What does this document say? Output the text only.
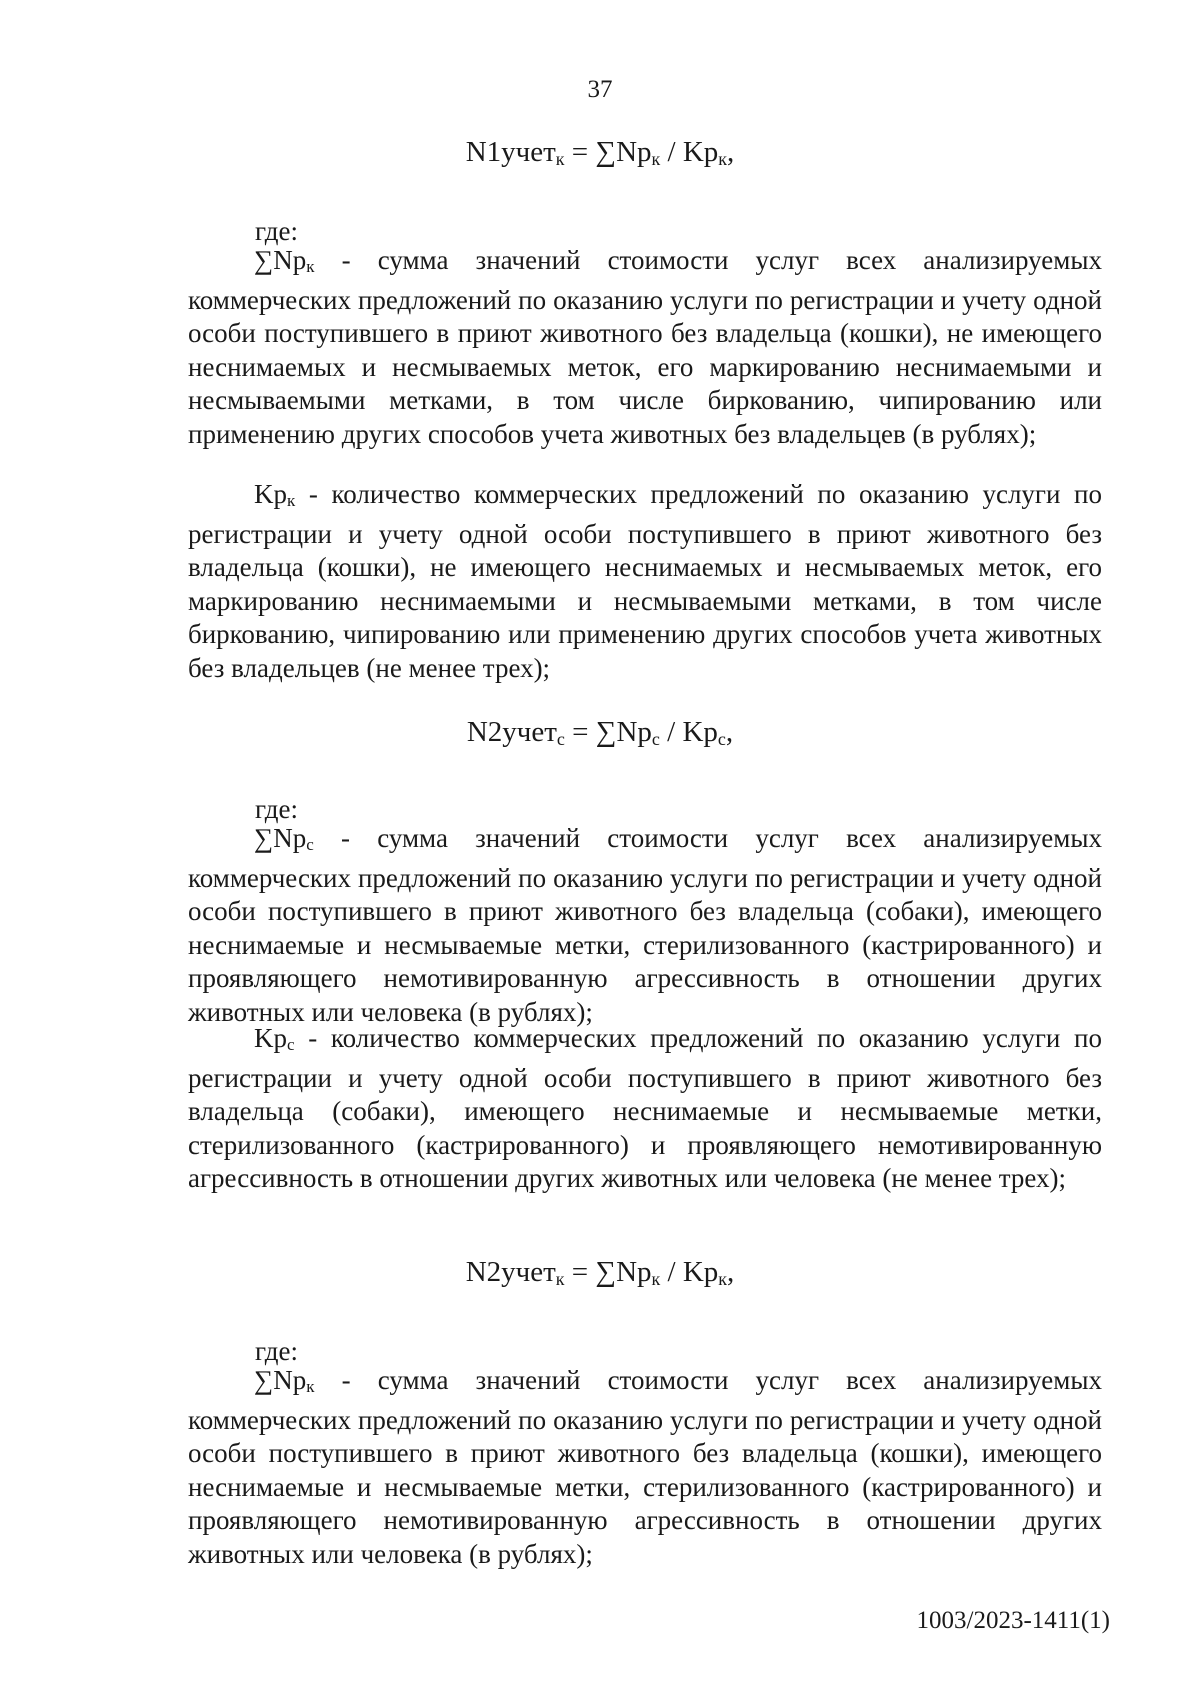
37
N1учет$_к$ = $\sum Np_к / Kp_к$,
где:
$\sum Np_к$ - сумма значений стоимости услуг всех анализируемых коммерческих предложений по оказанию услуги по регистрации и учету одной особи поступившего в приют животного без владельца (кошки), не имеющего неснимаемых и несмываемых меток, его маркированию неснимаемыми и несмываемыми метками, в том числе биркованию, чипированию или применению других способов учета животных без владельцев (в рублях);
$Kp_к$ - количество коммерческих предложений по оказанию услуги по регистрации и учету одной особи поступившего в приют животного без владельца (кошки), не имеющего неснимаемых и несмываемых меток, его маркированию неснимаемыми и несмываемыми метками, в том числе биркованию, чипированию или применению других способов учета животных без владельцев (не менее трех);
N2учет$_с$ = $\sum Np_с / Kp_с$,
где:
$\sum Np_с$ - сумма значений стоимости услуг всех анализируемых коммерческих предложений по оказанию услуги по регистрации и учету одной особи поступившего в приют животного без владельца (собаки), имеющего неснимаемые и несмываемые метки, стерилизованного (кастрированного) и проявляющего немотивированную агрессивность в отношении других животных или человека (в рублях);
$Kp_с$ - количество коммерческих предложений по оказанию услуги по регистрации и учету одной особи поступившего в приют животного без владельца (собаки), имеющего неснимаемые и несмываемые метки, стерилизованного (кастрированного) и проявляющего немотивированную агрессивность в отношении других животных или человека (не менее трех);
N2учет$_к$ = $\sum Np_к / Kp_к$,
где:
$\sum Np_к$ - сумма значений стоимости услуг всех анализируемых коммерческих предложений по оказанию услуги по регистрации и учету одной особи поступившего в приют животного без владельца (кошки), имеющего неснимаемые и несмываемые метки, стерилизованного (кастрированного) и проявляющего немотивированную агрессивность в отношении других животных или человека (в рублях);
1003/2023-1411(1)
